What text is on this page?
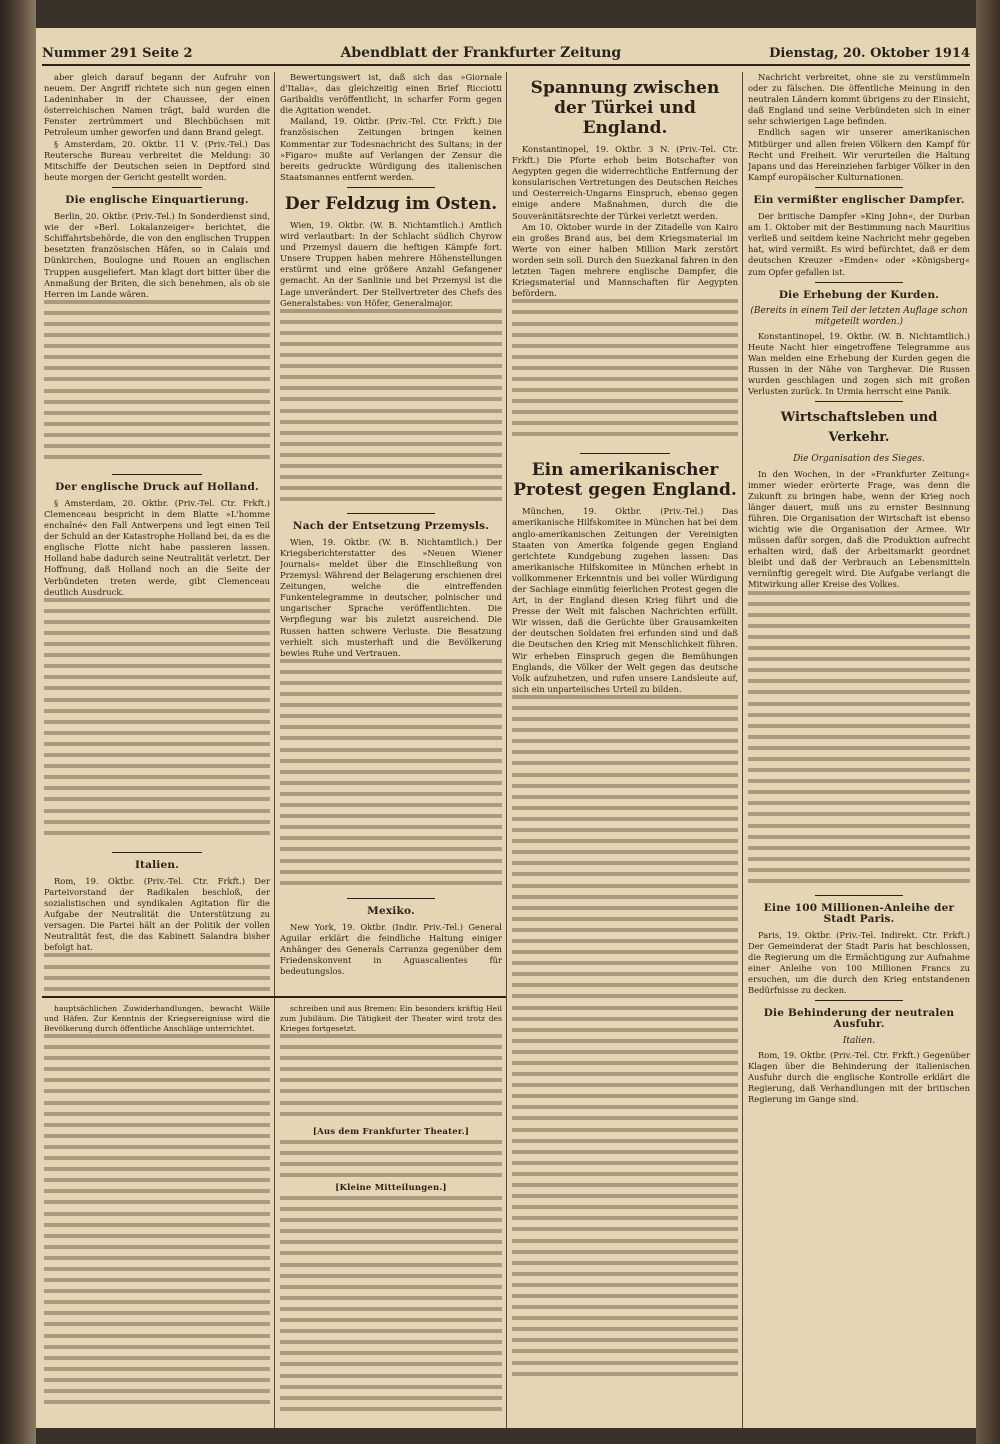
Nummer 291 Seite 2	Abendblatt der Frankfurter Zeitung	Dienstag, 20. Oktober 1914

aber gleich darauf begann der Aufruhr von neuem. Der Angriff richtete sich nun gegen einen Ladeninhaber in der Chaussee, der einen österreichischen Namen trägt, bald wurden die Fenster zertrümmert und Blechbüchsen mit Petroleum umher geworfen und dann Brand gelegt.

§ Amsterdam, 20. Oktbr. 11 V. (Priv.-Tel.) Das Reutersche Bureau verbreitet die Meldung: 30 Mitschiffe der Deutschen seien in Deptford sind heute morgen der Gericht gestellt worden.

Die englische Einquartierung.

Berlin, 20. Oktbr. (Priv.-Tel.) In Sonderdienst sind, wie der »Berl. Lokalanzeiger« berichtet, die Schiffahrtsbehörde, die von den englischen Truppen besetzten französischen Häfen, so in Calais und Dünkirchen, Boulogne und Rouen an englischen Truppen ausgeliefert. Man klagt dort bitter über die Anmaßung der Briten, die sich benehmen, als ob sie Herren im Lande wären.

Der englische Druck auf Holland.

§ Amsterdam, 20. Oktbr. (Priv.-Tel. Ctr. Frkft.) Clemenceau bespricht in dem Blatte »L'homme enchaîné« den Fall Antwerpens und legt einen Teil der Schuld an der Katastrophe Holland bei, da es die englische Flotte nicht habe passieren lassen. Holland habe dadurch seine Neutralität verletzt. Der Hoffnung, daß Holland noch an die Seite der Verbündeten treten werde, gibt Clemenceau deutlich Ausdruck.

Italien.

Rom, 19. Oktbr. (Priv.-Tel. Ctr. Frkft.) Der Parteivorstand der Radikalen beschloß, der sozialistischen und syndikalen Agitation für die Aufgabe der Neutralität die Unterstützung zu versagen. Die Partei hält an der Politik der vollen Neutralität fest, die das Kabinett Salandra bisher befolgt hat.

Bewertungswert ist, daß sich das »Giornale d'Italia«, das gleichzeitig einen Brief Ricciotti Garibaldis veröffentlicht, in scharfer Form gegen die Agitation wendet.

Mailand, 19. Oktbr. (Priv.-Tel. Ctr. Frkft.) Die französischen Zeitungen bringen keinen Kommentar zur Todesnachricht des Sultans; in der »Figaro« mußte auf Verlangen der Zensur die bereits gedruckte Würdigung des italienischen Staatsmannes entfernt werden.

Der Feldzug im Osten.

Wien, 19. Oktbr. (W. B. Nichtamtlich.) Amtlich wird verlautbart: In der Schlacht südlich Chyrow und Przemysl dauern die heftigen Kämpfe fort. Unsere Truppen haben mehrere Höhenstellungen erstürmt und eine größere Anzahl Gefangener gemacht. An der Sanlinie und bei Przemysl ist die Lage unverändert. Der Stellvertreter des Chefs des Generalstabes: von Höfer, Generalmajor.

Nach der Entsetzung Przemysls.

Wien, 19. Oktbr. (W. B. Nichtamtlich.) Der Kriegsberichterstatter des »Neuen Wiener Journals« meldet über die Einschließung von Przemysl: Während der Belagerung erschienen drei Zeitungen, welche die eintreffenden Funkentelegramme in deutscher, polnischer und ungarischer Sprache veröffentlichten. Die Verpflegung war bis zuletzt ausreichend. Die Russen hatten schwere Verluste. Die Besatzung verhielt sich musterhaft und die Bevölkerung bewies Ruhe und Vertrauen.

Mexiko.

New York, 19. Oktbr. (Indir. Priv.-Tel.) General Aguilar erklärt die feindliche Haltung einiger Anhänger des Generals Carranza gegenüber dem Friedenskonvent in Aguascalientes für bedeutungslos.

Spannung zwischen der Türkei und England.

Konstantinopel, 19. Oktbr. 3 N. (Priv.-Tel. Ctr. Frkft.) Die Pforte erhob beim Botschafter von Aegypten gegen die widerrechtliche Entfernung der konsularischen Vertretungen des Deutschen Reiches und Oesterreich-Ungarns Einspruch, ebenso gegen einige andere Maßnahmen, durch die die Souveränitätsrechte der Türkei verletzt werden.

Am 10. Oktober wurde in der Zitadelle von Kairo ein großes Brand aus, bei dem Kriegsmaterial im Werte von einer halben Million Mark zerstört worden sein soll. Durch den Suezkanal fahren in den letzten Tagen mehrere englische Dampfer, die Kriegsmaterial und Mannschaften für Aegypten befördern.

Ein amerikanischer Protest gegen England.

München, 19. Oktbr. (Priv.-Tel.) Das amerikanische Hilfskomitee in München hat bei dem anglo-amerikanischen Zeitungen der Vereinigten Staaten von Amerika folgende gegen England gerichtete Kundgebung zugehen lassen: Das amerikanische Hilfskomitee in München erhebt in vollkommener Erkenntnis und bei voller Würdigung der Sachlage einmütig feierlichen Protest gegen die Art, in der England diesen Krieg führt und die Presse der Welt mit falschen Nachrichten erfüllt. Wir wissen, daß die Gerüchte über Grausamkeiten der deutschen Soldaten frei erfunden sind und daß die Deutschen den Krieg mit Menschlichkeit führen. Wir erheben Einspruch gegen die Bemühungen Englands, die Völker der Welt gegen das deutsche Volk aufzuhetzen, und rufen unsere Landsleute auf, sich ein unparteiisches Urteil zu bilden.

Nachricht verbreitet, ohne sie zu verstümmeln oder zu fälschen. Die öffentliche Meinung in den neutralen Ländern kommt übrigens zu der Einsicht, daß England und seine Verbündeten sich in einer sehr schwierigen Lage befinden.

Endlich sagen wir unserer amerikanischen Mitbürger und allen freien Völkern den Kampf für Recht und Freiheit. Wir verurteilen die Haltung Japans und das Hereinziehen farbiger Völker in den Kampf europäischer Kulturnationen.

Ein vermißter englischer Dampfer.

Der britische Dampfer »King John«, der Durban am 1. Oktober mit der Bestimmung nach Mauritius verließ und seitdem keine Nachricht mehr gegeben hat, wird vermißt. Es wird befürchtet, daß er dem deutschen Kreuzer »Emden« oder »Königsberg« zum Opfer gefallen ist.

Die Erhebung der Kurden.
(Bereits in einem Teil der letzten Auflage schon mitgeteilt worden.)

Konstantinopel, 19. Oktbr. (W. B. Nichtamtlich.) Heute Nacht hier eingetroffene Telegramme aus Wan melden eine Erhebung der Kurden gegen die Russen in der Nähe von Targhevar. Die Russen wurden geschlagen und zogen sich mit großen Verlusten zurück. In Urmia herrscht eine Panik.

Wirtschaftsleben und Verkehr.
Die Organisation des Sieges.

In den Wochen, in der »Frankfurter Zeitung« immer wieder erörterte Frage, was denn die Zukunft zu bringen habe, wenn der Krieg noch länger dauert, muß uns zu ernster Besinnung führen. Die Organisation der Wirtschaft ist ebenso wichtig wie die Organisation der Armee. Wir müssen dafür sorgen, daß die Produktion aufrecht erhalten wird, daß der Arbeitsmarkt geordnet bleibt und daß der Verbrauch an Lebensmitteln vernünftig geregelt wird. Die Aufgabe verlangt die Mitwirkung aller Kreise des Volkes.

Eine 100 Millionen-Anleihe der Stadt Paris.

Paris, 19. Oktbr. (Priv.-Tel. Indirekt. Ctr. Frkft.) Der Gemeinderat der Stadt Paris hat beschlossen, die Regierung um die Ermächtigung zur Aufnahme einer Anleihe von 100 Millionen Francs zu ersuchen, um die durch den Krieg entstandenen Bedürfnisse zu decken.

Die Behinderung der neutralen Ausfuhr.
Italien.

Rom, 19. Oktbr. (Priv.-Tel. Ctr. Frkft.) Gegenüber Klagen über die Behinderung der italienischen Ausfuhr durch die englische Kontrolle erklärt die Regierung, daß Verhandlungen mit der britischen Regierung im Gange sind.

hauptsächlichen Zuwiderhandlungen, bewacht Wälle und Häfen. Zur Kenntnis der Kriegsereignisse wird die Bevölkerung durch öffentliche Anschläge unterrichtet.

schreiben und aus Bremen: Ein besonders kräftig Heil zum Jubiläum. Die Tätigkeit der Theater wird trotz des Krieges fortgesetzt.

[Aus dem Frankfurter Theater.]
[Kleine Mitteilungen.]
